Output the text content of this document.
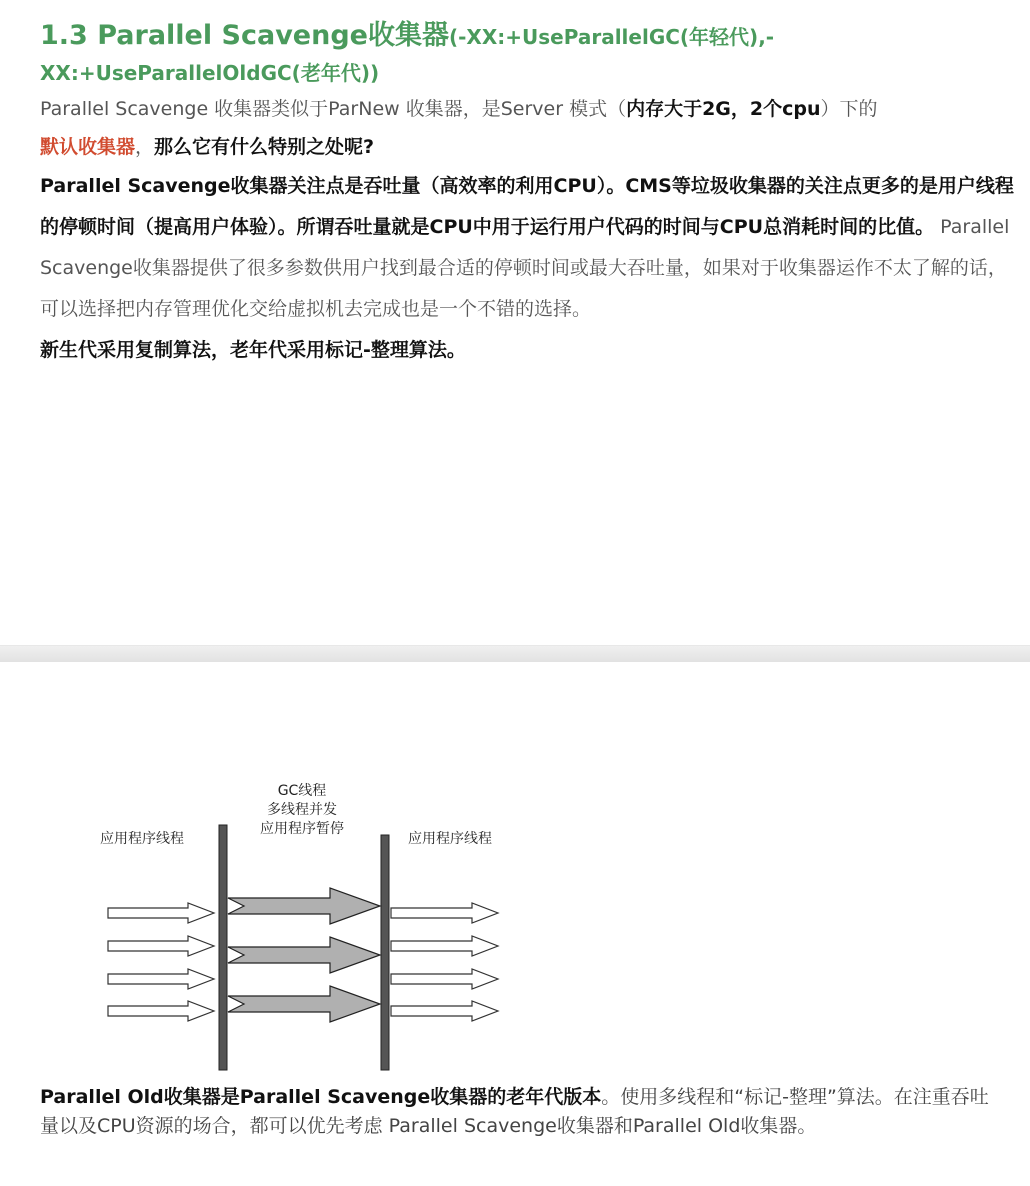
1.3 Parallel Scavenge收集器(-XX:+UseParallelGC(年轻代),-
XX:+UseParallelOldGC(老年代))

Parallel Scavenge 收集器类似于ParNew 收集器，是Server 模式（内存大于2G，2个cpu）下的
默认收集器，那么它有什么特别之处呢?

Parallel Scavenge收集器关注点是吞吐量（高效率的利用CPU）。CMS等垃圾收集器的关注点更多的是用户线程的停顿时间（提高用户体验）。所谓吞吐量就是CPU中用于运行用户代码的时间与CPU总消耗时间的比值。 Parallel Scavenge收集器提供了很多参数供用户找到最合适的停顿时间或最大吞吐量，如果对于收集器运作不太了解的话，可以选择把内存管理优化交给虚拟机去完成也是一个不错的选择。

新生代采用复制算法，老年代采用标记-整理算法。

应用程序线程
GC线程
多线程并发
应用程序暂停
应用程序线程

Parallel Old收集器是Parallel Scavenge收集器的老年代版本。使用多线程和“标记-整理”算法。在注重吞吐量以及CPU资源的场合，都可以优先考虑 Parallel Scavenge收集器和Parallel Old收集器。
